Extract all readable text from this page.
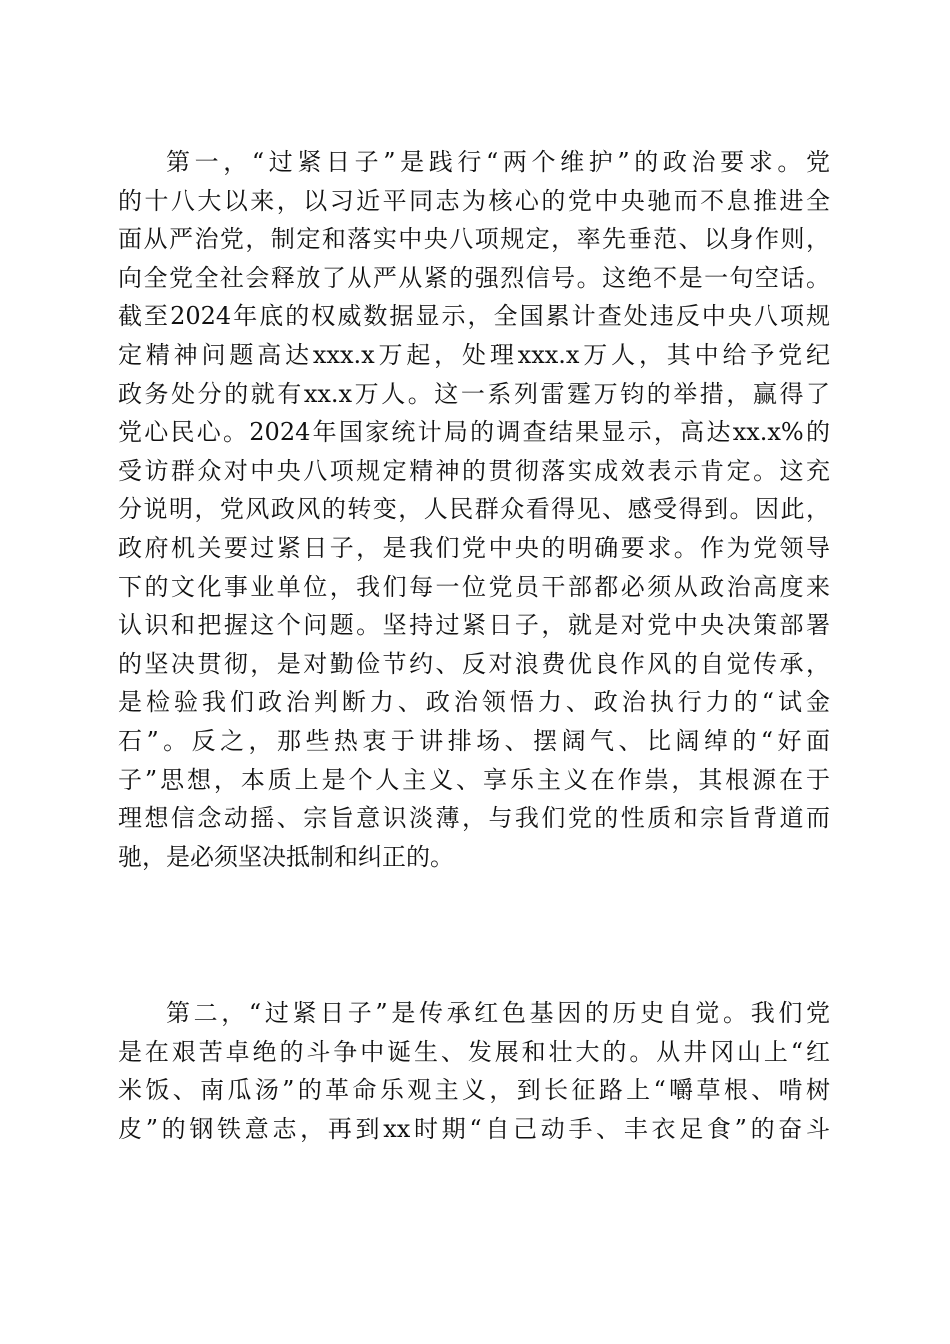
第一，“过紧日子”是践行“两个维护”的政治要求。党
的十八大以来，以习近平同志为核心的党中央驰而不息推进全
面从严治党，制定和落实中央八项规定，率先垂范、以身作则，
向全党全社会释放了从严从紧的强烈信号。这绝不是一句空话。
截至2024年底的权威数据显示，全国累计查处违反中央八项规
定精神问题高达xxx.x万起，处理xxx.x万人，其中给予党纪
政务处分的就有xx.x万人。这一系列雷霆万钧的举措，赢得了
党心民心。2024年国家统计局的调查结果显示，高达xx.x%的
受访群众对中央八项规定精神的贯彻落实成效表示肯定。这充
分说明，党风政风的转变，人民群众看得见、感受得到。因此，
政府机关要过紧日子，是我们党中央的明确要求。作为党领导
下的文化事业单位，我们每一位党员干部都必须从政治高度来
认识和把握这个问题。坚持过紧日子，就是对党中央决策部署
的坚决贯彻，是对勤俭节约、反对浪费优良作风的自觉传承，
是检验我们政治判断力、政治领悟力、政治执行力的“试金
石”。反之，那些热衷于讲排场、摆阔气、比阔绰的“好面
子”思想，本质上是个人主义、享乐主义在作祟，其根源在于
理想信念动摇、宗旨意识淡薄，与我们党的性质和宗旨背道而
驰，是必须坚决抵制和纠正的。
第二，“过紧日子”是传承红色基因的历史自觉。我们党
是在艰苦卓绝的斗争中诞生、发展和壮大的。从井冈山上“红
米饭、南瓜汤”的革命乐观主义，到长征路上“嚼草根、啃树
皮”的钢铁意志，再到xx时期“自己动手、丰衣足食”的奋斗
